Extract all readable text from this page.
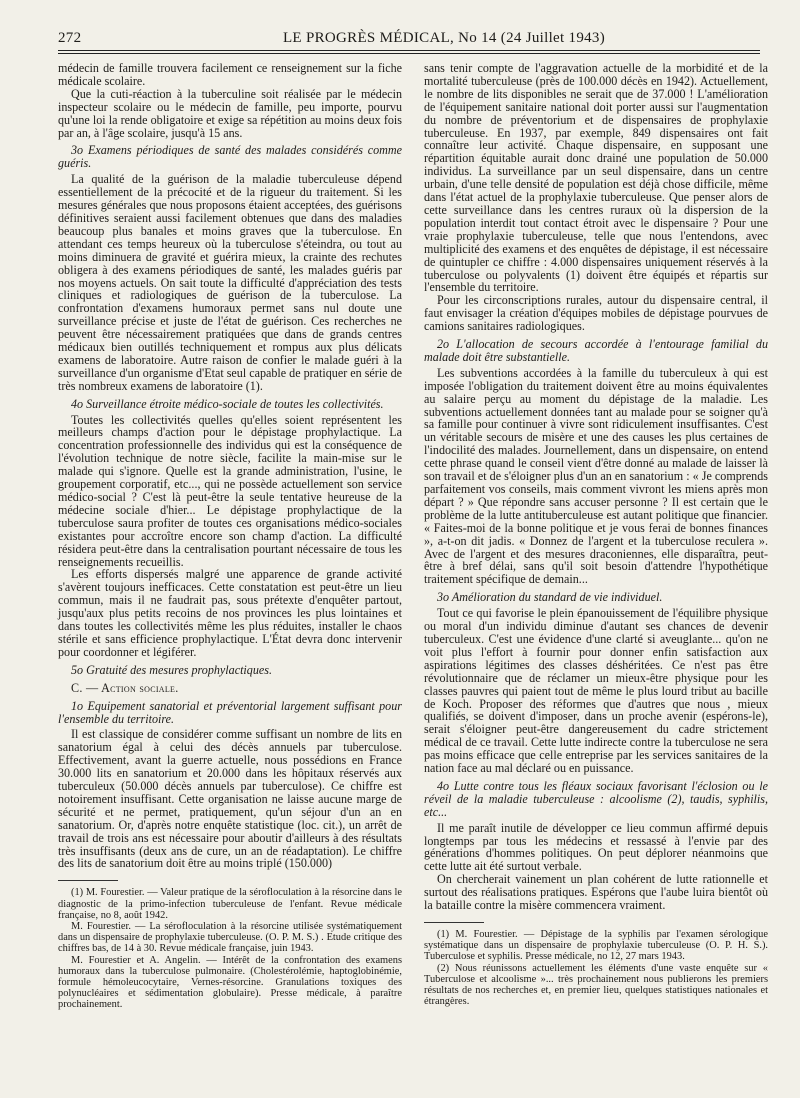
272	LE PROGRÈS MÉDICAL, No 14 (24 Juillet 1943)

médecin de famille trouvera facilement ce renseignement sur la fiche médicale scolaire.

Que la cuti-réaction à la tuberculine soit réalisée par le médecin inspecteur scolaire ou le médecin de famille, peu importe, pourvu qu'une loi la rende obligatoire et exige sa répétition au moins deux fois par an, à l'âge scolaire, jusqu'à 15 ans.

3o Examens périodiques de santé des malades considérés comme guéris.

La qualité de la guérison de la maladie tuberculeuse dépend essentiellement de la précocité et de la rigueur du traitement. Si les mesures générales que nous proposons étaient acceptées, des guérisons définitives seraient aussi facilement obtenues que dans des maladies beaucoup plus banales et moins graves que la tuberculose. En attendant ces temps heureux où la tuberculose s'éteindra, ou tout au moins diminuera de gravité et guérira mieux, la crainte des rechutes obligera à des examens périodiques de santé, les malades guéris par nos moyens actuels. On sait toute la difficulté d'appréciation des tests cliniques et radiologiques de guérison de la tuberculose. La confrontation d'examens humoraux permet sans nul doute une surveillance précise et juste de l'état de guérison. Ces recherches ne peuvent être nécessairement pratiquées que dans de grands centres médicaux bien outillés techniquement et rompus aux plus délicats examens de laboratoire. Autre raison de confier le malade guéri à la surveillance d'un organisme d'Etat seul capable de pratiquer en série de très nombreux examens de laboratoire (1).

4o Surveillance étroite médico-sociale de toutes les collectivités.

Toutes les collectivités quelles qu'elles soient représentent les meilleurs champs d'action pour le dépistage prophylactique. La concentration professionnelle des individus qui est la conséquence de l'évolution technique de notre siècle, facilite la main-mise sur le malade qui s'ignore. Quelle est la grande administration, l'usine, le groupement corporatif, etc..., qui ne possède actuellement son service médico-social ? C'est là peut-être la seule tentative heureuse de la médecine sociale d'hier... Le dépistage prophylactique de la tuberculose saura profiter de toutes ces organisations médico-sociales existantes pour accroître encore son champ d'action. La difficulté résidera peut-être dans la centralisation pourtant nécessaire de tous les renseignements recueillis.

Les efforts dispersés malgré une apparence de grande activité s'avèrent toujours inefficaces. Cette constatation est peut-être un lieu commun, mais il ne faudrait pas, sous prétexte d'enquêter partout, jusqu'aux plus petits recoins de nos provinces les plus lointaines et dans toutes les collectivités même les plus réduites, installer le chaos stérile et sans efficience prophylactique. L'État devra donc intervenir pour coordonner et légiférer.

5o Gratuité des mesures prophylactiques.

C. — Action sociale.

1o Equipement sanatorial et préventorial largement suffisant pour l'ensemble du territoire.

Il est classique de considérer comme suffisant un nombre de lits en sanatorium égal à celui des décès annuels par tuberculose. Effectivement, avant la guerre actuelle, nous possédions en France 30.000 lits en sanatorium et 20.000 dans les hôpitaux réservés aux tuberculeux (50.000 décès annuels par tuberculose). Ce chiffre est notoirement insuffisant. Cette organisation ne laisse aucune marge de sécurité et ne permet, pratiquement, qu'un séjour d'un an en sanatorium. Or, d'après notre enquête statistique (loc. cit.), un arrêt de travail de trois ans est nécessaire pour aboutir d'ailleurs à des résultats très insuffisants (deux ans de cure, un an de réadaptation). Le chiffre des lits de sanatorium doit être au moins triplé (150.000)

(1) M. Fourestier. — Valeur pratique de la sérofloculation à la résorcine dans le diagnostic de la primo-infection tuberculeuse de l'enfant. Revue médicale française, no 8, août 1942.

M. Fourestier. — La sérofloculation à la résorcine utilisée systématiquement dans un dispensaire de prophylaxie tuberculeuse. (O. P. M. S.) . Etude critique des chiffres bas, de 14 à 30. Revue médicale française, juin 1943.

M. Fourestier et A. Angelin. — Intérêt de la confrontation des examens humoraux dans la tuberculose pulmonaire. (Cholestérolémie, haptoglobinémie, formule hémoleucocytaire, Vernes-résorcine. Granulations toxiques des polynucléaires et sédimentation globulaire). Presse médicale, à paraître prochainement.

sans tenir compte de l'aggravation actuelle de la morbidité et de la mortalité tuberculeuse (près de 100.000 décès en 1942). Actuellement, le nombre de lits disponibles ne serait que de 37.000 ! L'amélioration de l'équipement sanitaire national doit porter aussi sur l'augmentation du nombre de préventorium et de dispensaires de prophylaxie tuberculeuse. En 1937, par exemple, 849 dispensaires ont fait connaître leur activité. Chaque dispensaire, en supposant une répartition équitable aurait donc drainé une population de 50.000 individus. La surveillance par un seul dispensaire, dans un centre urbain, d'une telle densité de population est déjà chose difficile, même dans l'état actuel de la prophylaxie tuberculeuse. Que penser alors de cette surveillance dans les centres ruraux où la dispersion de la population interdit tout contact étroit avec le dispensaire ? Pour une vraie prophylaxie tuberculeuse, telle que nous l'entendons, avec multiplicité des examens et des enquêtes de dépistage, il est nécessaire de quintupler ce chiffre : 4.000 dispensaires uniquement réservés à la tuberculose ou polyvalents (1) doivent être équipés et répartis sur l'ensemble du territoire.

Pour les circonscriptions rurales, autour du dispensaire central, il faut envisager la création d'équipes mobiles de dépistage pourvues de camions sanitaires radiologiques.

2o L'allocation de secours accordée à l'entourage familial du malade doit être substantielle.

Les subventions accordées à la famille du tuberculeux à qui est imposée l'obligation du traitement doivent être au moins équivalentes au salaire perçu au moment du dépistage de la maladie. Les subventions actuellement données tant au malade pour se soigner qu'à sa famille pour continuer à vivre sont ridiculement insuffisantes. C'est un véritable secours de misère et une des causes les plus certaines de l'indocilité des malades. Journellement, dans un dispensaire, on entend cette phrase quand le conseil vient d'être donné au malade de laisser là son travail et de s'éloigner plus d'un an en sanatorium : « Je comprends parfaitement vos conseils, mais comment vivront les miens après mon départ ? » Que répondre sans accuser personne ? Il est certain que le problème de la lutte antituberculeuse est autant politique que financier. « Faites-moi de la bonne politique et je vous ferai de bonnes finances », a-t-on dit jadis. « Donnez de l'argent et la tuberculose reculera ». Avec de l'argent et des mesures draconiennes, elle disparaîtra, peut-être à bref délai, sans qu'il soit besoin d'attendre l'hypothétique traitement spécifique de demain...

3o Amélioration du standard de vie individuel.

Tout ce qui favorise le plein épanouissement de l'équilibre physique ou moral d'un individu diminue d'autant ses chances de devenir tuberculeux. C'est une évidence d'une clarté si aveuglante... qu'on ne voit plus l'effort à fournir pour donner enfin satisfaction aux aspirations légitimes des classes déshéritées. Ce n'est pas être révolutionnaire que de réclamer un mieux-être physique pour les classes pauvres qui paient tout de même le plus lourd tribut au bacille de Koch. Proposer des réformes que d'autres que nous , mieux qualifiés, se doivent d'imposer, dans un proche avenir (espérons-le), serait s'éloigner peut-être dangereusement du cadre strictement médical de ce travail. Cette lutte indirecte contre la tuberculose ne sera pas moins efficace que celle entreprise par les services sanitaires de la nation face au mal déclaré ou en puissance.

4o Lutte contre tous les fléaux sociaux favorisant l'éclosion ou le réveil de la maladie tuberculeuse : alcoolisme (2), taudis, syphilis, etc...

Il me paraît inutile de développer ce lieu commun affirmé depuis longtemps par tous les médecins et ressassé à l'envie par des générations d'hommes politiques. On peut déplorer néanmoins que cette lutte ait été surtout verbale.

On chercherait vainement un plan cohérent de lutte rationnelle et surtout des réalisations pratiques. Espérons que l'aube luira bientôt où la bataille contre la misère commencera vraiment.

(1) M. Fourestier. — Dépistage de la syphilis par l'examen sérologique systématique dans un dispensaire de prophylaxie tuberculeuse (O. P. H. S.). Tuberculose et syphilis. Presse médicale, no 12, 27 mars 1943.

(2) Nous réunissons actuellement les éléments d'une vaste enquête sur « Tuberculose et alcoolisme »... très prochainement nous publierons les premiers résultats de nos recherches et, en premier lieu, quelques statistiques nationales et étrangères.
